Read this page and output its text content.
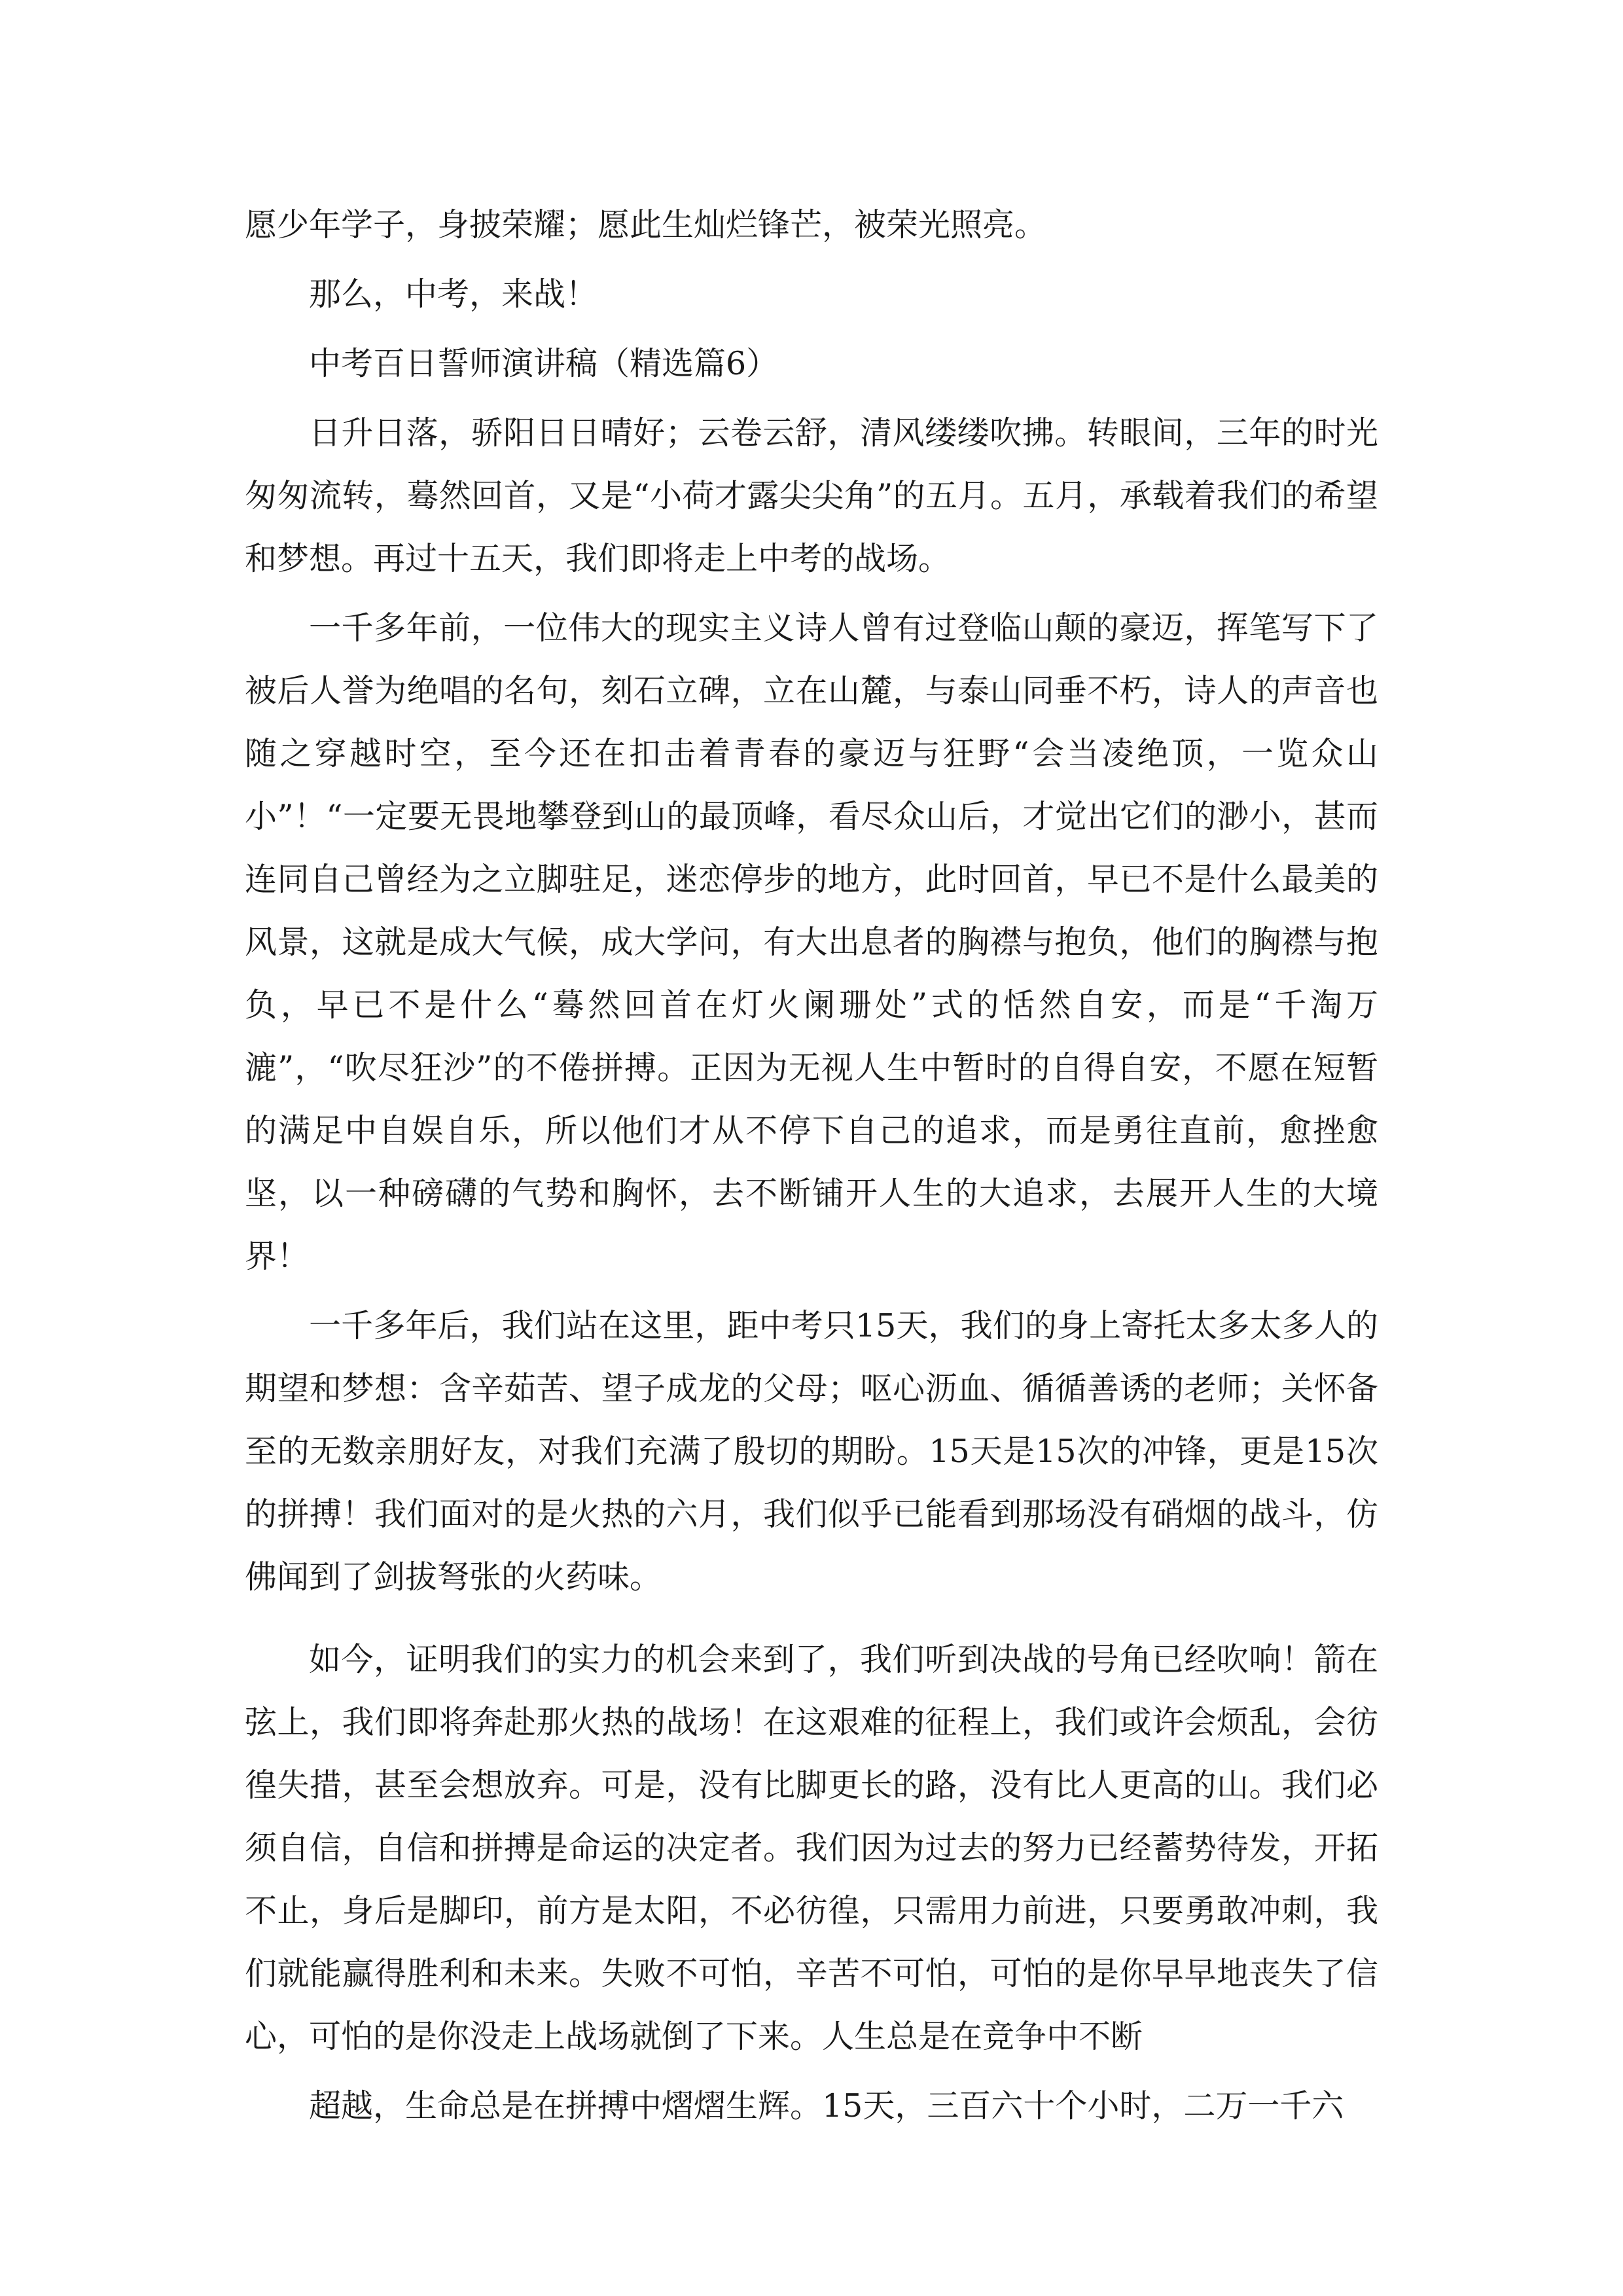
愿少年学子，身披荣耀；愿此生灿烂锋芒，被荣光照亮。

那么，中考，来战！

中考百日誓师演讲稿（精选篇6）

日升日落，骄阳日日晴好；云卷云舒，清风缕缕吹拂。转眼间，三年的时光匆匆流转，蓦然回首，又是“小荷才露尖尖角”的五月。五月，承载着我们的希望和梦想。再过十五天，我们即将走上中考的战场。

一千多年前，一位伟大的现实主义诗人曾有过登临山颠的豪迈，挥笔写下了被后人誉为绝唱的名句，刻石立碑，立在山麓，与泰山同垂不朽，诗人的声音也随之穿越时空，至今还在扣击着青春的豪迈与狂野“会当凌绝顶，一览众山小”！“一定要无畏地攀登到山的最顶峰，看尽众山后，才觉出它们的渺小，甚而连同自己曾经为之立脚驻足，迷恋停步的地方，此时回首，早已不是什么最美的风景，这就是成大气候，成大学问，有大出息者的胸襟与抱负，他们的胸襟与抱负，早已不是什么“蓦然回首在灯火阑珊处”式的恬然自安，而是“千淘万漉”，“吹尽狂沙”的不倦拼搏。正因为无视人生中暂时的自得自安，不愿在短暂的满足中自娱自乐，所以他们才从不停下自己的追求，而是勇往直前，愈挫愈坚，以一种磅礴的气势和胸怀，去不断铺开人生的大追求，去展开人生的大境界！

一千多年后，我们站在这里，距中考只15天，我们的身上寄托太多太多人的期望和梦想：含辛茹苦、望子成龙的父母；呕心沥血、循循善诱的老师；关怀备至的无数亲朋好友，对我们充满了殷切的期盼。15天是15次的冲锋，更是15次的拼搏！我们面对的是火热的六月，我们似乎已能看到那场没有硝烟的战斗，仿佛闻到了剑拔弩张的火药味。

如今，证明我们的实力的机会来到了，我们听到决战的号角已经吹响！箭在弦上，我们即将奔赴那火热的战场！在这艰难的征程上，我们或许会烦乱，会彷徨失措，甚至会想放弃。可是，没有比脚更长的路，没有比人更高的山。我们必须自信，自信和拼搏是命运的决定者。我们因为过去的努力已经蓄势待发，开拓不止，身后是脚印，前方是太阳，不必彷徨，只需用力前进，只要勇敢冲刺，我们就能赢得胜利和未来。失败不可怕，辛苦不可怕，可怕的是你早早地丧失了信心，可怕的是你没走上战场就倒了下来。人生总是在竞争中不断

超越，生命总是在拼搏中熠熠生辉。15天，三百六十个小时，二万一千六
